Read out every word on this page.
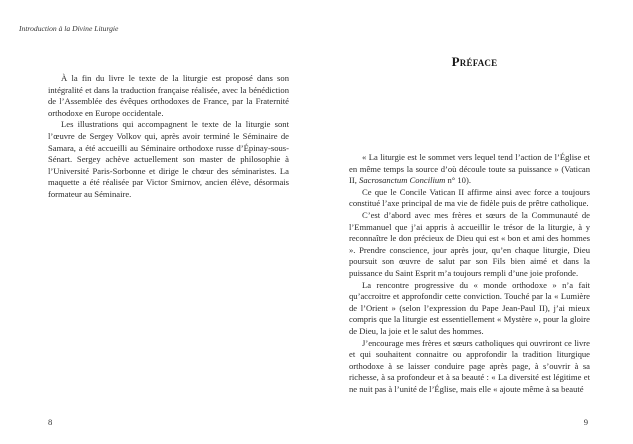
Introduction à la Divine Liturgie

À la fin du livre le texte de la liturgie est proposé dans son intégralité et dans la traduction française réalisée, avec la bénédiction de l’Assemblée des évêques orthodoxes de France, par la Fraternité orthodoxe en Europe occidentale.

Les illustrations qui accompagnent le texte de la liturgie sont l’œuvre de Sergey Volkov qui, après avoir terminé le Séminaire de Samara, a été accueilli au Séminaire orthodoxe russe d’Épinay-sous-Sénart. Sergey achève actuellement son master de philosophie à l’Université Paris-Sorbonne et dirige le chœur des séminaristes. La maquette a été réalisée par Victor Smirnov, ancien élève, désormais formateur au Séminaire.

8
Préface

« La liturgie est le sommet vers lequel tend l’action de l’Église et en même temps la source d’où découle toute sa puissance » (Vatican II, Sacrosanctum Concilium n° 10).

Ce que le Concile Vatican II affirme ainsi avec force a toujours constitué l’axe principal de ma vie de fidèle puis de prêtre catholique.

C’est d’abord avec mes frères et sœurs de la Communauté de l’Emmanuel que j’ai appris à accueillir le trésor de la liturgie, à y reconnaître le don précieux de Dieu qui est « bon et ami des hommes ». Prendre conscience, jour après jour, qu’en chaque liturgie, Dieu poursuit son œuvre de salut par son Fils bien aimé et dans la puissance du Saint Esprit m’a toujours rempli d’une joie profonde.

La rencontre progressive du « monde orthodoxe » n’a fait qu’accroitre et approfondir cette conviction. Touché par la « Lumière de l’Orient » (selon l’expression du Pape Jean-Paul II), j’ai mieux compris que la liturgie est essentiellement « Mystère », pour la gloire de Dieu, la joie et le salut des hommes.

J’encourage mes frères et sœurs catholiques qui ouvriront ce livre et qui souhaitent connaitre ou approfondir la tradition liturgique orthodoxe à se laisser conduire page après page, à s’ouvrir à sa richesse, à sa profondeur et à sa beauté : « La diversité est légitime et ne nuit pas à l’unité de l’Église, mais elle « ajoute même à sa beauté

9
